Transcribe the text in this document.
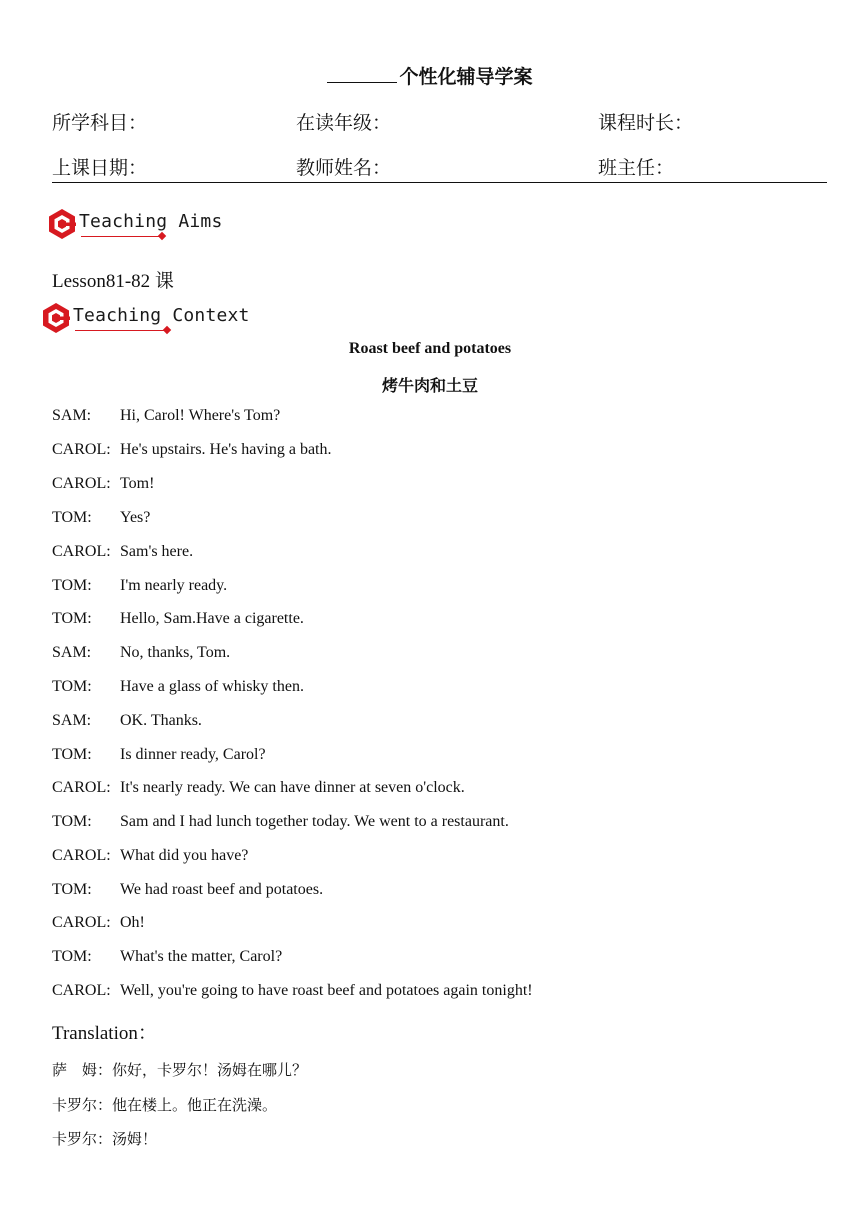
个性化辅导学案
所学科目：	在读年级：	课程时长：
上课日期：	教师姓名：	班主任：
Teaching Aims
Lesson81-82 课
Teaching Context
Roast beef and potatoes
烤牛肉和土豆
SAM: Hi, Carol! Where's Tom?
CAROL: He's upstairs. He's having a bath.
CAROL: Tom!
TOM: Yes?
CAROL: Sam's here.
TOM: I'm nearly ready.
TOM: Hello, Sam.Have a cigarette.
SAM: No, thanks, Tom.
TOM: Have a glass of whisky then.
SAM: OK. Thanks.
TOM: Is dinner ready, Carol?
CAROL: It's nearly ready. We can have dinner at seven o'clock.
TOM: Sam and I had lunch together today. We went to a restaurant.
CAROL: What did you have?
TOM: We had roast beef and potatoes.
CAROL: Oh!
TOM: What's the matter, Carol?
CAROL: Well, you're going to have roast beef and potatoes again tonight!
Translation：
萨　姆：你好，卡罗尔！汤姆在哪儿？
卡罗尔：他在楼上。他正在洗澡。
卡罗尔：汤姆！
